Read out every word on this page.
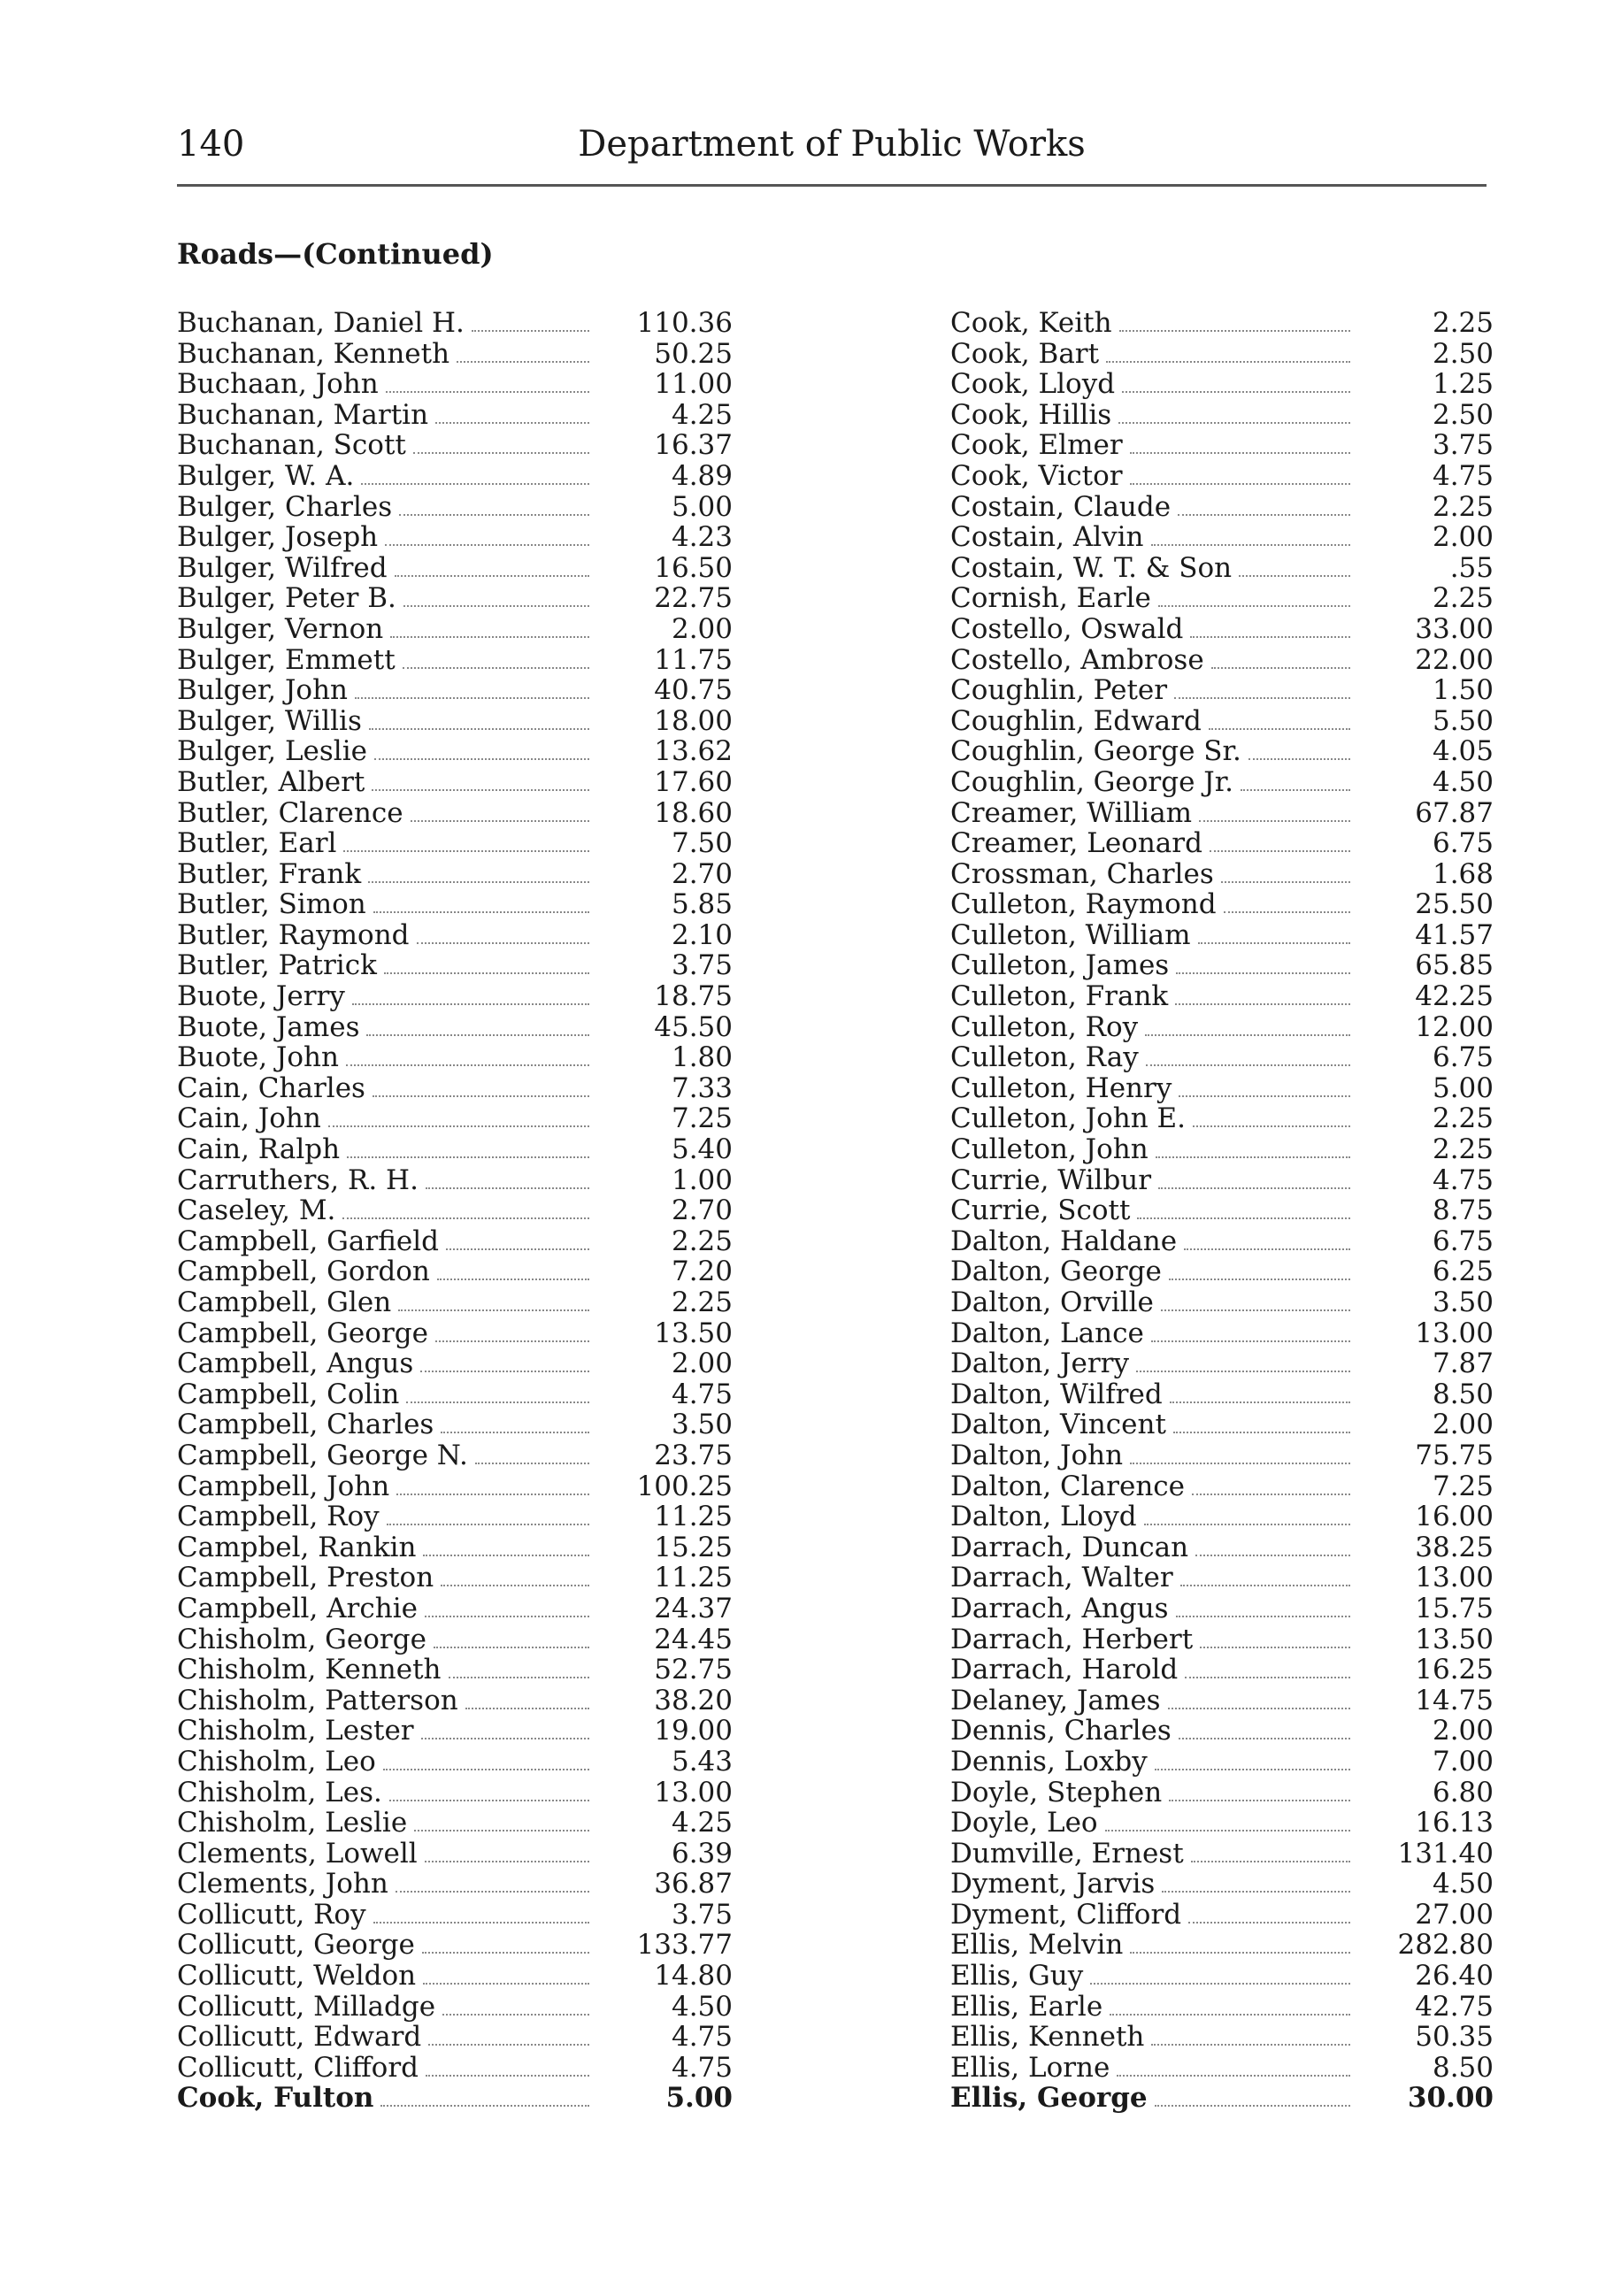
Department of Public Works
140
Roads—(Continued)
Buchanan, Daniel H.	110.36
Buchanan, Kenneth	50.25
Buchaan, John	11.00
Buchanan, Martin	4.25
Buchanan, Scott	16.37
Bulger, W. A.	4.89
Bulger, Charles	5.00
Bulger, Joseph	4.23
Bulger, Wilfred	16.50
Bulger, Peter B.	22.75
Bulger, Vernon	2.00
Bulger, Emmett	11.75
Bulger, John	40.75
Bulger, Willis	18.00
Bulger, Leslie	13.62
Butler, Albert	17.60
Butler, Clarence	18.60
Butler, Earl	7.50
Butler, Frank	2.70
Butler, Simon	5.85
Butler, Raymond	2.10
Butler, Patrick	3.75
Buote, Jerry	18.75
Buote, James	45.50
Buote, John	1.80
Cain, Charles	7.33
Cain, John	7.25
Cain, Ralph	5.40
Carruthers, R. H.	1.00
Caseley, M.	2.70
Campbell, Garfield	2.25
Campbell, Gordon	7.20
Campbell, Glen	2.25
Campbell, George	13.50
Campbell, Angus	2.00
Campbell, Colin	4.75
Campbell, Charles	3.50
Campbell, George N.	23.75
Campbell, John	100.25
Campbell, Roy	11.25
Campbel, Rankin	15.25
Campbell, Preston	11.25
Campbell, Archie	24.37
Chisholm, George	24.45
Chisholm, Kenneth	52.75
Chisholm, Patterson	38.20
Chisholm, Lester	19.00
Chisholm, Leo	5.43
Chisholm, Les.	13.00
Chisholm, Leslie	4.25
Clements, Lowell	6.39
Clements, John	36.87
Collicutt, Roy	3.75
Collicutt, George	133.77
Collicutt, Weldon	14.80
Collicutt, Milladge	4.50
Collicutt, Edward	4.75
Collicutt, Clifford	4.75
Cook, Fulton	5.00
Cook, Keith	2.25
Cook, Bart	2.50
Cook, Lloyd	1.25
Cook, Hillis	2.50
Cook, Elmer	3.75
Cook, Victor	4.75
Costain, Claude	2.25
Costain, Alvin	2.00
Costain, W. T. & Son	.55
Cornish, Earle	2.25
Costello, Oswald	33.00
Costello, Ambrose	22.00
Coughlin, Peter	1.50
Coughlin, Edward	5.50
Coughlin, George Sr.	4.05
Coughlin, George Jr.	4.50
Creamer, William	67.87
Creamer, Leonard	6.75
Crossman, Charles	1.68
Culleton, Raymond	25.50
Culleton, William	41.57
Culleton, James	65.85
Culleton, Frank	42.25
Culleton, Roy	12.00
Culleton, Ray	6.75
Culleton, Henry	5.00
Culleton, John E.	2.25
Culleton, John	2.25
Currie, Wilbur	4.75
Currie, Scott	8.75
Dalton, Haldane	6.75
Dalton, George	6.25
Dalton, Orville	3.50
Dalton, Lance	13.00
Dalton, Jerry	7.87
Dalton, Wilfred	8.50
Dalton, Vincent	2.00
Dalton, John	75.75
Dalton, Clarence	7.25
Dalton, Lloyd	16.00
Darrach, Duncan	38.25
Darrach, Walter	13.00
Darrach, Angus	15.75
Darrach, Herbert	13.50
Darrach, Harold	16.25
Delaney, James	14.75
Dennis, Charles	2.00
Dennis, Loxby	7.00
Doyle, Stephen	6.80
Doyle, Leo	16.13
Dumville, Ernest	131.40
Dyment, Jarvis	4.50
Dyment, Clifford	27.00
Ellis, Melvin	282.80
Ellis, Guy	26.40
Ellis, Earle	42.75
Ellis, Kenneth	50.35
Ellis, Lorne	8.50
Ellis, George	30.00
